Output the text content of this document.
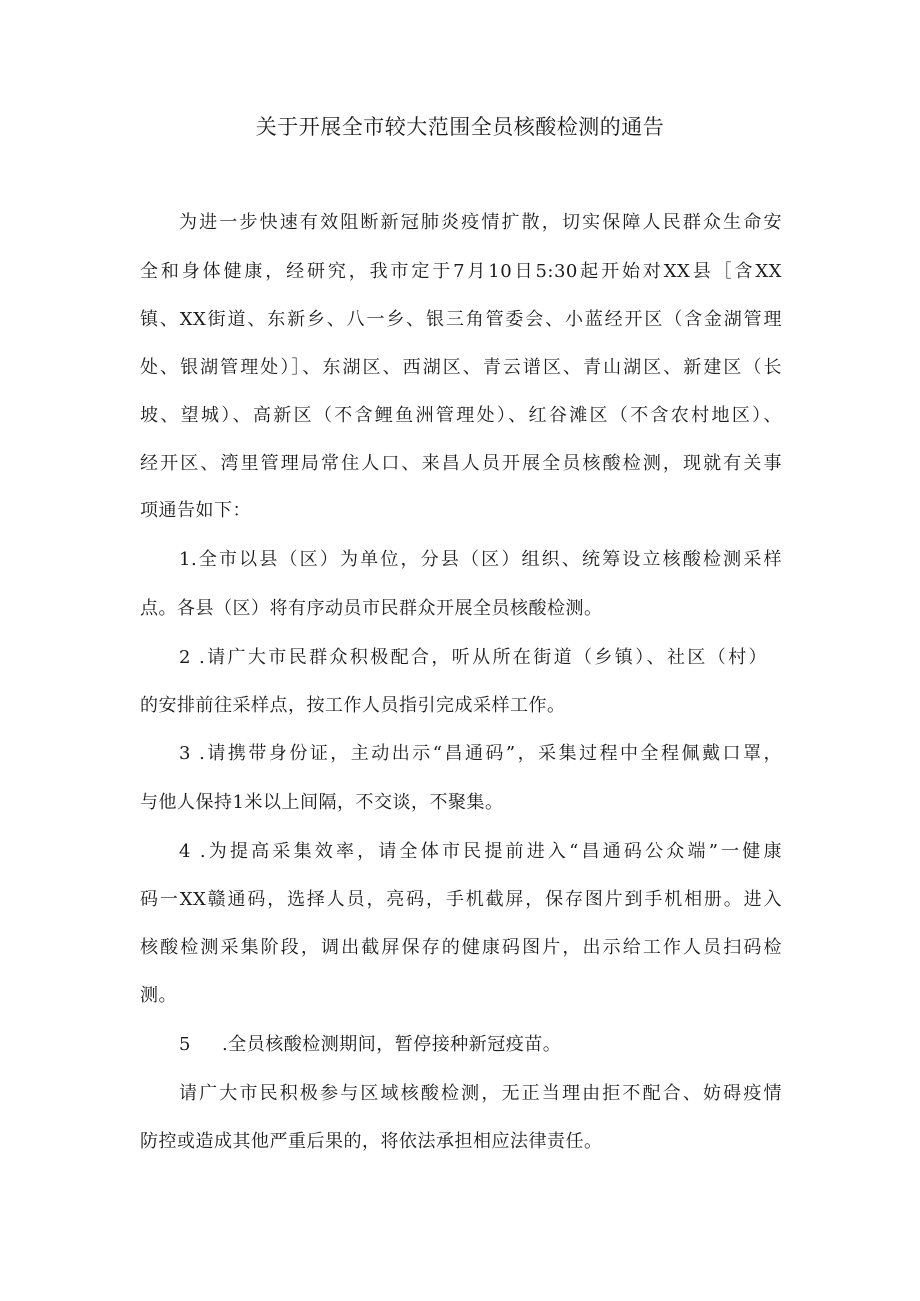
关于开展全市较大范围全员核酸检测的通告
为进一步快速有效阻断新冠肺炎疫情扩散，切实保障人民群众生命安
全和身体健康，经研究，我市定于7月10日5:30起开始对XX县［含XX
镇、XX街道、东新乡、八一乡、银三角管委会、小蓝经开区（含金湖管理
处、银湖管理处）］、东湖区、西湖区、青云谱区、青山湖区、新建区（长
坡、望城）、高新区（不含鲤鱼洲管理处）、红谷滩区（不含农村地区）、
经开区、湾里管理局常住人口、来昌人员开展全员核酸检测，现就有关事
项通告如下：
1.全市以县（区）为单位，分县（区）组织、统筹设立核酸检测采样
点。各县（区）将有序动员市民群众开展全员核酸检测。
2 .请广大市民群众积极配合，听从所在街道（乡镇）、社区（村）
的安排前往采样点，按工作人员指引完成采样工作。
3 .请携带身份证，主动出示“昌通码”，采集过程中全程佩戴口罩，
与他人保持1米以上间隔，不交谈，不聚集。
4 .为提高采集效率，请全体市民提前进入“昌通码公众端”一健康
码一XX赣通码，选择人员，亮码，手机截屏，保存图片到手机相册。进入
核酸检测采集阶段，调出截屏保存的健康码图片，出示给工作人员扫码检
测。
5     .全员核酸检测期间，暂停接种新冠疫苗。
请广大市民积极参与区域核酸检测，无正当理由拒不配合、妨碍疫情
防控或造成其他严重后果的，将依法承担相应法律责任。
